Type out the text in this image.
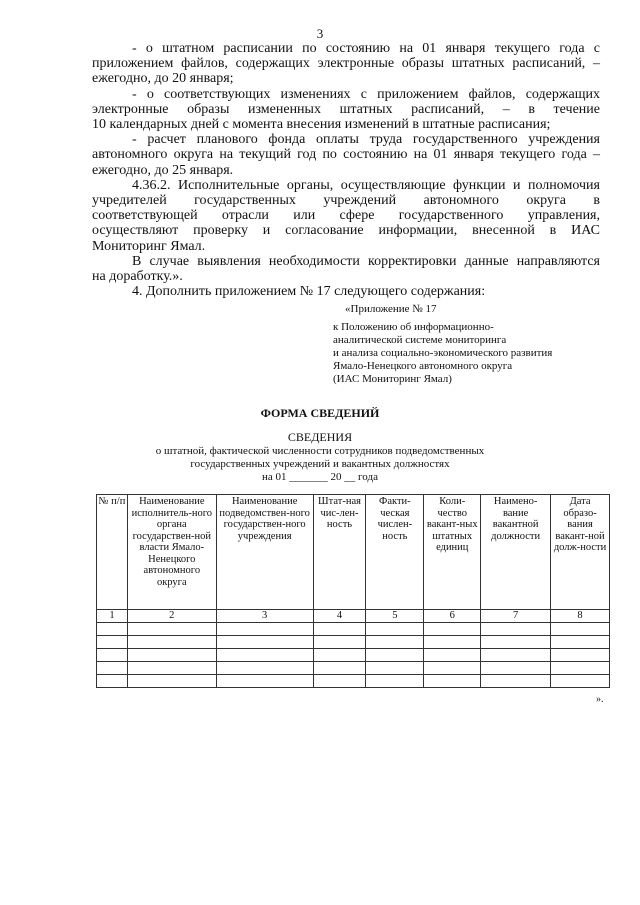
3
- о штатном расписании по состоянию на 01 января текущего года с
приложением файлов, содержащих электронные образы штатных расписаний, –
ежегодно, до 20 января;
- о соответствующих изменениях с приложением файлов, содержащих
электронные образы измененных штатных расписаний, – в течение
10 календарных дней с момента внесения изменений в штатные расписания;
- расчет планового фонда оплаты труда государственного учреждения
автономного округа на текущий год по состоянию на 01 января текущего года –
ежегодно, до 25 января.
4.36.2. Исполнительные органы, осуществляющие функции и полномочия
учредителей государственных учреждений автономного округа в
соответствующей отрасли или сфере государственного управления,
осуществляют проверку и согласование информации, внесенной в ИАС
Мониторинг Ямал.
В случае выявления необходимости корректировки данные направляются
на доработку.».
4. Дополнить приложением № 17 следующего содержания:
«Приложение № 17
к Положению об информационно-
аналитической системе мониторинга
и анализа социально-экономического развития
Ямало-Ненецкого автономного округа
(ИАС Мониторинг Ямал)
ФОРМА СВЕДЕНИЙ
СВЕДЕНИЯ
о штатной, фактической численности сотрудников подведомственных
государственных учреждений и вакантных должностях
на 01 _______ 20 __ года
№ п/п	Наименование исполнитель-ного органа государствен-ной власти Ямало-Ненецкого автономного округа	Наименование подведомствен-ного государствен-ного учреждения	Штат-ная чис-лен-ность	Факти-ческая числен-ность	Коли-чество вакант-ных штатных единиц	Наимено-вание вакантной должности	Дата образо-вания вакант-ной долж-ности
1	2	3	4	5	6	7	8

».
